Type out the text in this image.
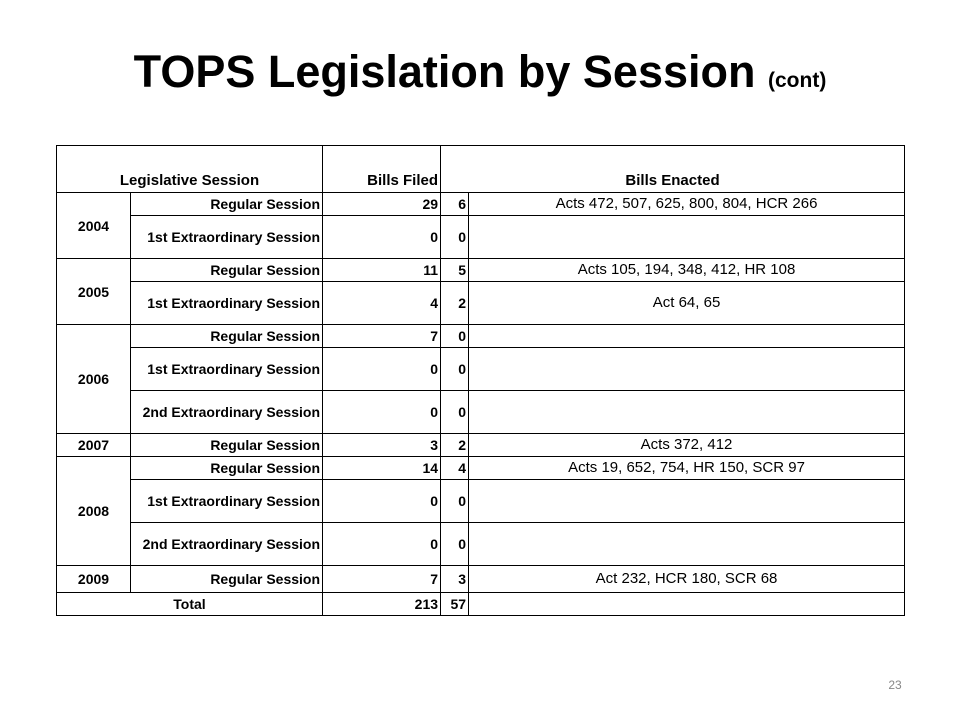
TOPS Legislation by Session (cont)
Legislative Session		Bills Filed	Bills Enacted	
2004	Regular Session	29	6	Acts 472, 507, 625, 800, 804, HCR 266
	1st Extraordinary Session	0	0	
2005	Regular Session	11	5	Acts 105, 194, 348, 412, HR 108
	1st Extraordinary Session	4	2	Act 64, 65
2006	Regular Session	7	0	
	1st Extraordinary Session	0	0	
	2nd Extraordinary Session	0	0	
2007	Regular Session	3	2	Acts 372, 412
2008	Regular Session	14	4	Acts 19, 652, 754, HR 150, SCR 97
	1st Extraordinary Session	0	0	
	2nd Extraordinary Session	0	0	
2009	Regular Session	7	3	Act 232, HCR 180, SCR 68
Total		213	57	
23
